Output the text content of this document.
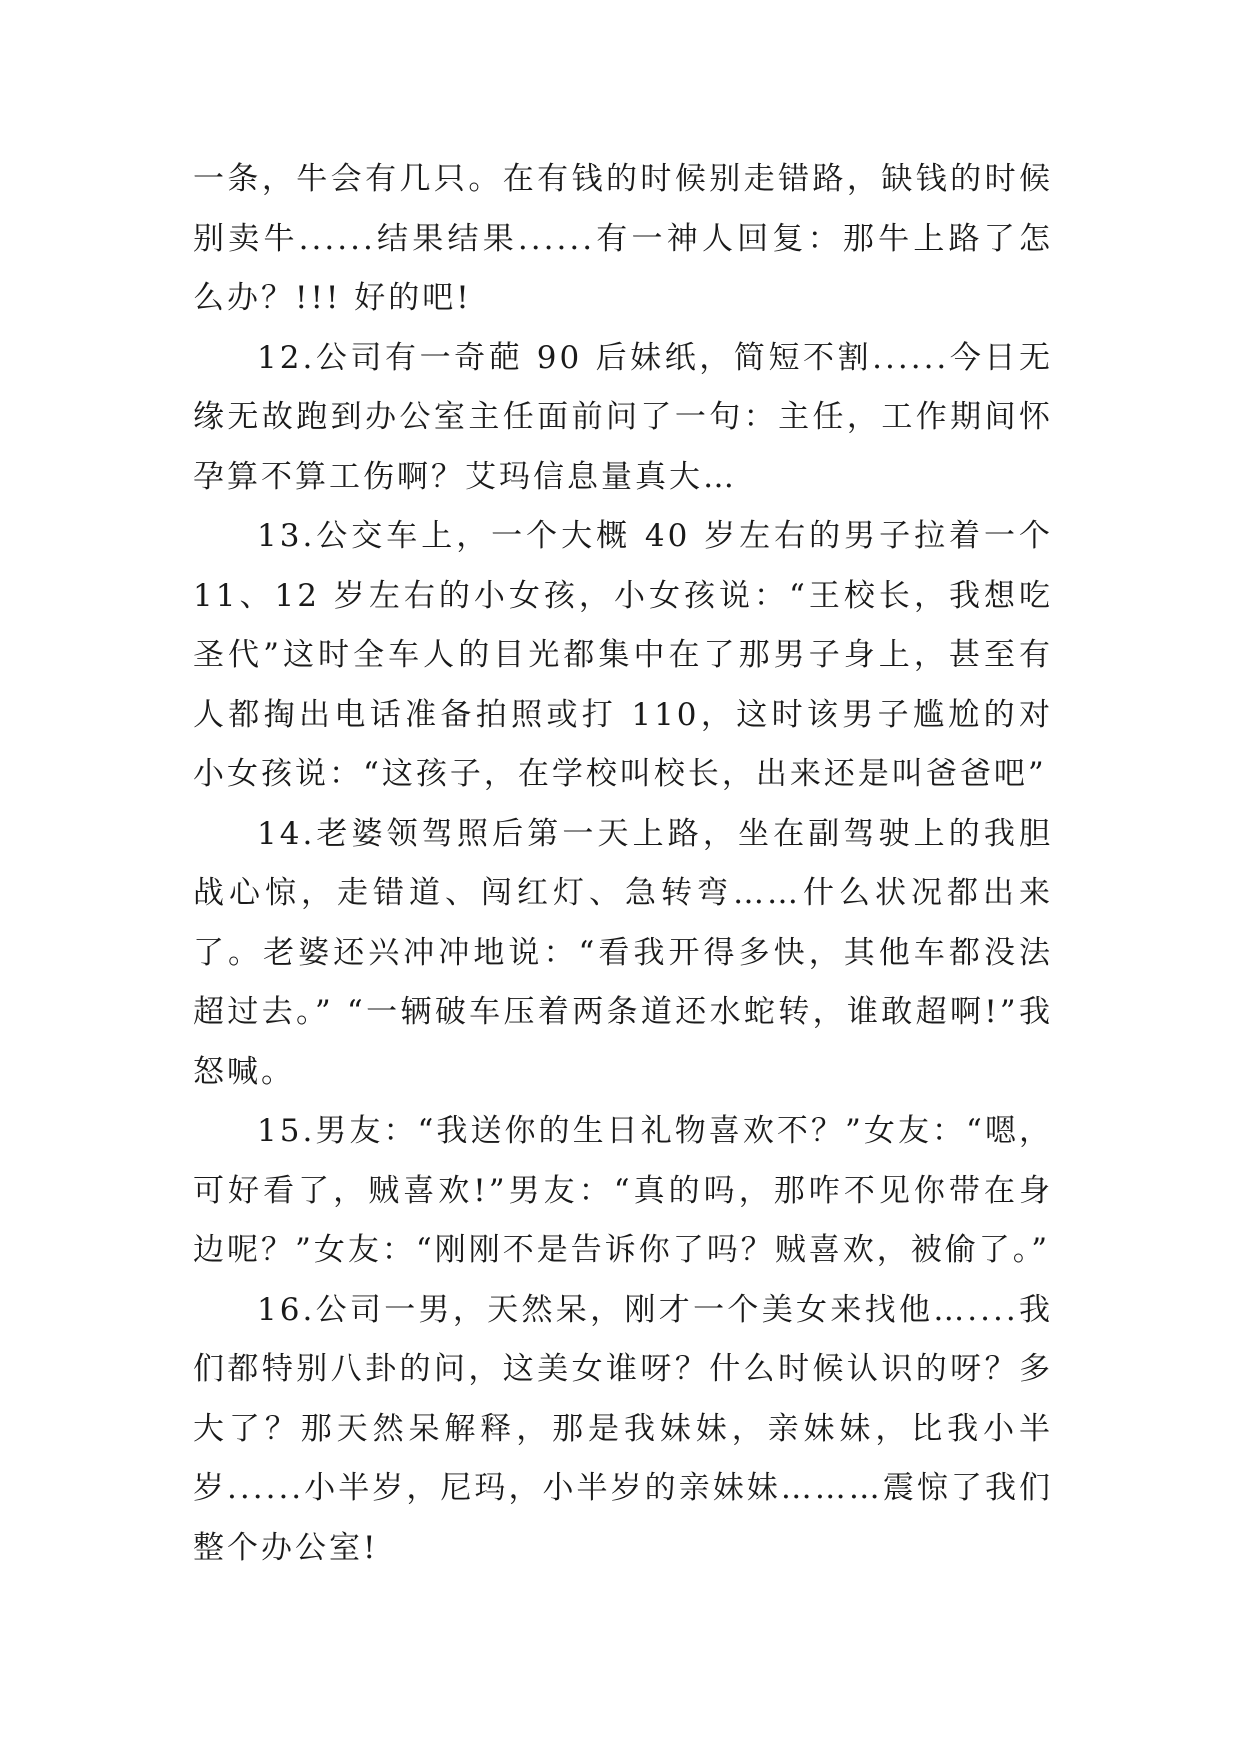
一条，牛会有几只。在有钱的时候别走错路，缺钱的时候别卖牛......结果结果......有一神人回复：那牛上路了怎么办？!!! 好的吧!

12.公司有一奇葩 90 后妹纸，简短不割......今日无缘无故跑到办公室主任面前问了一句：主任，工作期间怀孕算不算工伤啊？艾玛信息量真大…

13.公交车上，一个大概 40 岁左右的男子拉着一个 11、12 岁左右的小女孩，小女孩说：“王校长，我想吃圣代”这时全车人的目光都集中在了那男子身上，甚至有人都掏出电话准备拍照或打 110，这时该男子尴尬的对小女孩说：“这孩子，在学校叫校长，出来还是叫爸爸吧”

14.老婆领驾照后第一天上路，坐在副驾驶上的我胆战心惊，走错道、闯红灯、急转弯……什么状况都出来了。老婆还兴冲冲地说：“看我开得多快，其他车都没法超过去。” “一辆破车压着两条道还水蛇转，谁敢超啊!”我怒喊。

15.男友：“我送你的生日礼物喜欢不？”女友：“嗯，可好看了，贼喜欢!”男友：“真的吗，那咋不见你带在身边呢？”女友：“刚刚不是告诉你了吗？贼喜欢，被偷了。”

16.公司一男，天然呆，刚才一个美女来找他…....我们都特别八卦的问，这美女谁呀？什么时候认识的呀？多大了？那天然呆解释，那是我妹妹，亲妹妹，比我小半岁......小半岁，尼玛，小半岁的亲妹妹………震惊了我们整个办公室!
